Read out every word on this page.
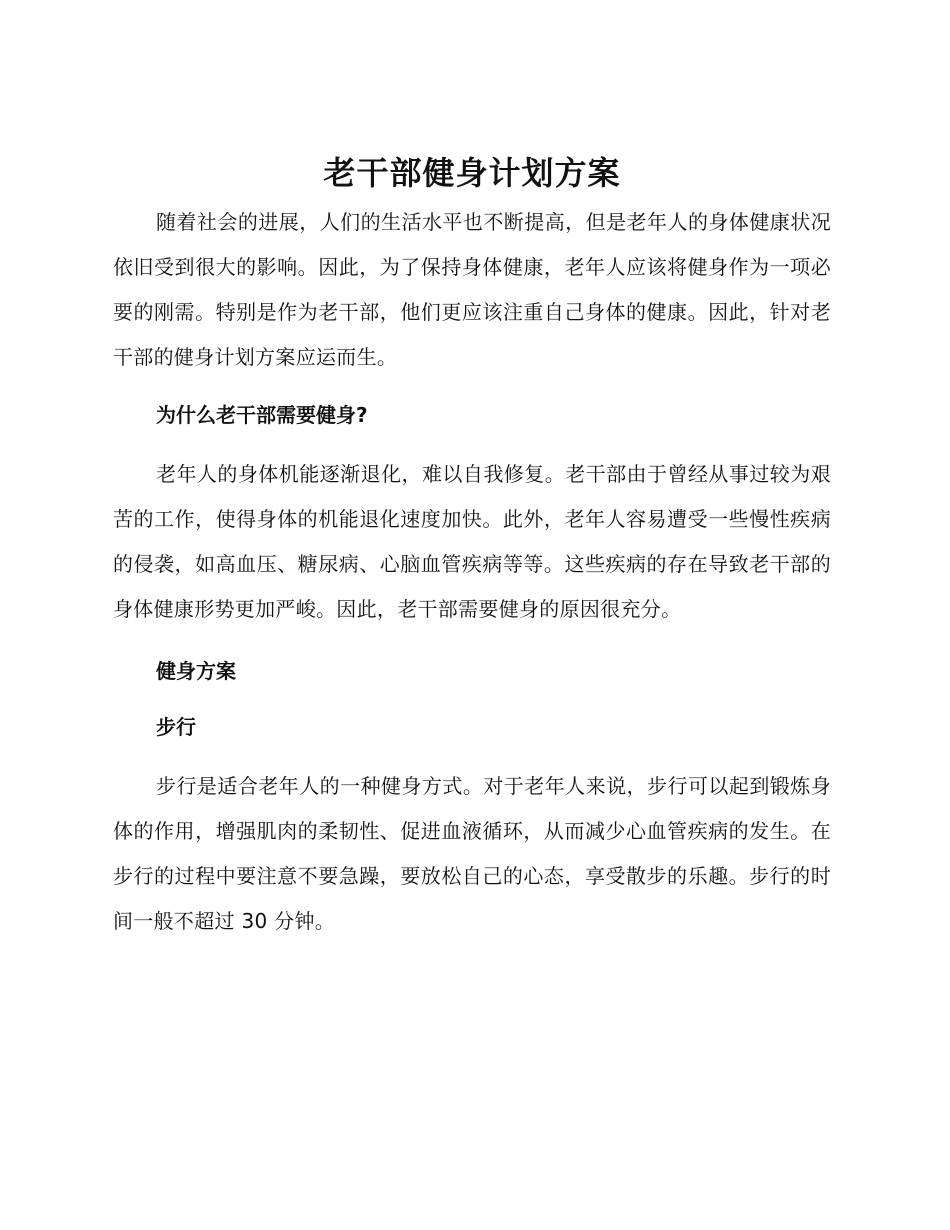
老干部健身计划方案

随着社会的进展，人们的生活水平也不断提高，但是老年人的身体健康状况依旧受到很大的影响。因此，为了保持身体健康，老年人应该将健身作为一项必要的刚需。特别是作为老干部，他们更应该注重自己身体的健康。因此，针对老干部的健身计划方案应运而生。

为什么老干部需要健身?

老年人的身体机能逐渐退化，难以自我修复。老干部由于曾经从事过较为艰苦的工作，使得身体的机能退化速度加快。此外，老年人容易遭受一些慢性疾病的侵袭，如高血压、糖尿病、心脑血管疾病等等。这些疾病的存在导致老干部的身体健康形势更加严峻。因此，老干部需要健身的原因很充分。

健身方案
步行

步行是适合老年人的一种健身方式。对于老年人来说，步行可以起到锻炼身体的作用，增强肌肉的柔韧性、促进血液循环，从而减少心血管疾病的发生。在步行的过程中要注意不要急躁，要放松自己的心态，享受散步的乐趣。步行的时间一般不超过 30 分钟。
